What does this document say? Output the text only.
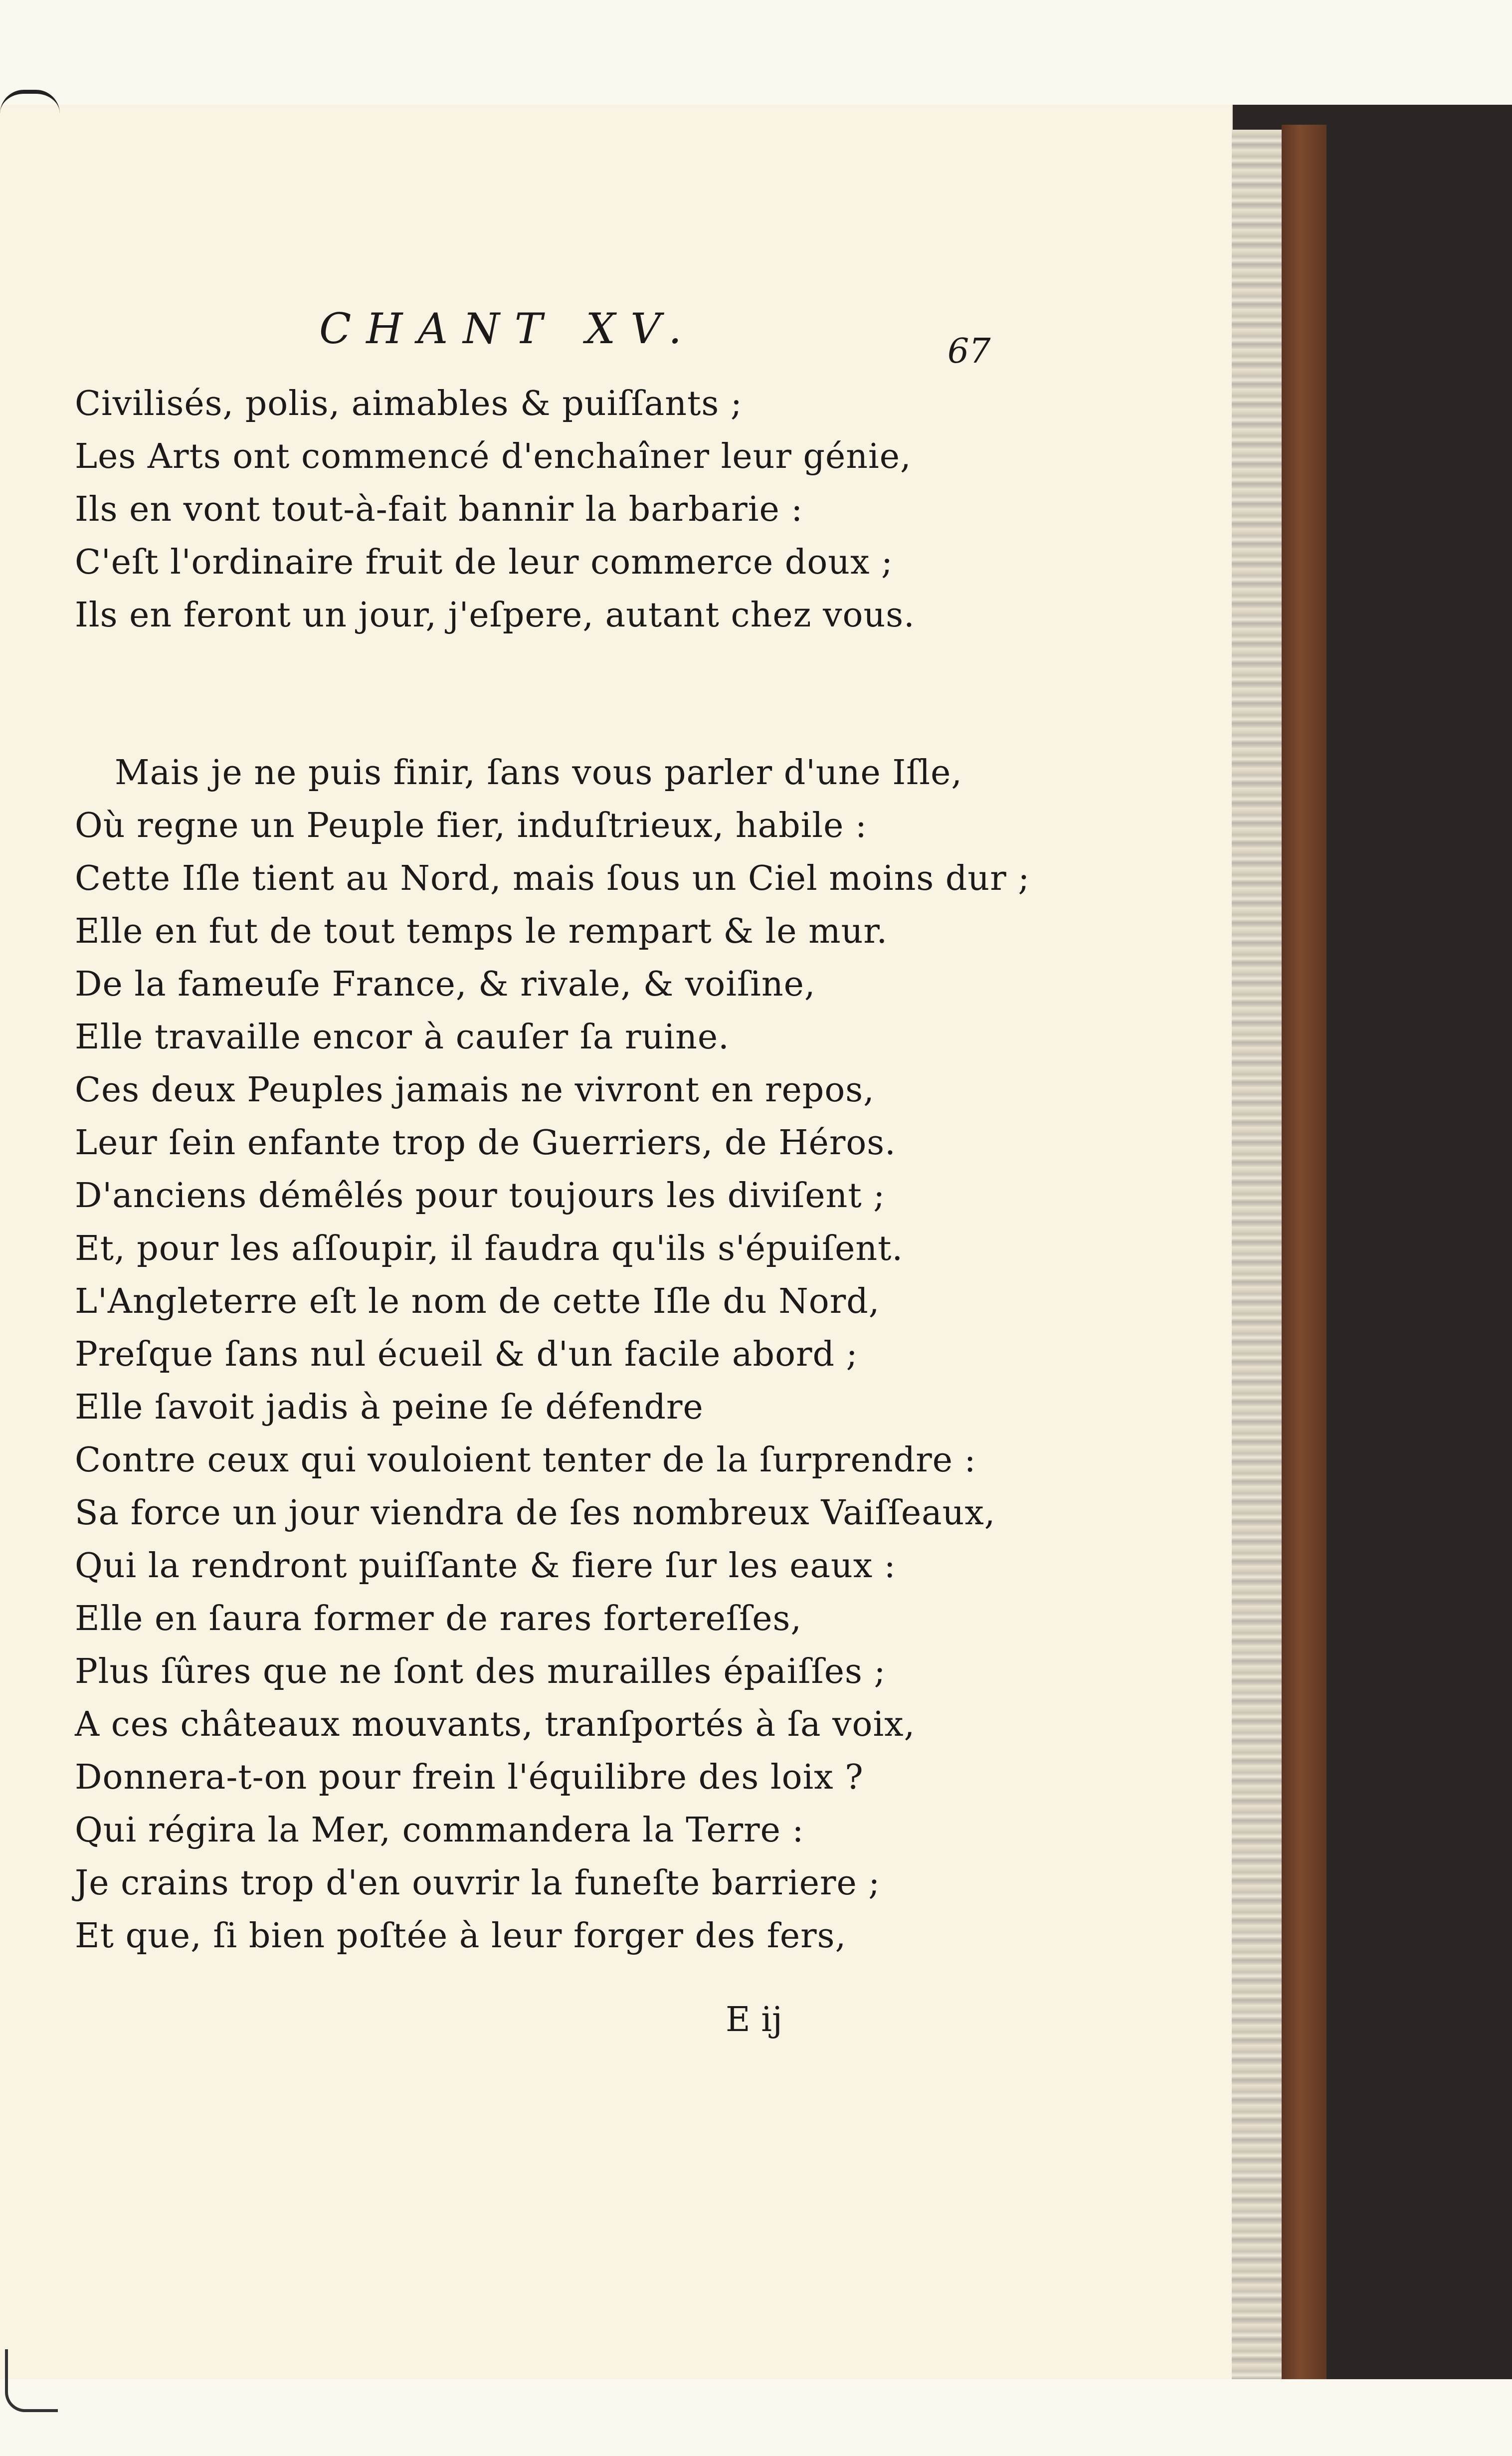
CHANT XV.	67
Civilisés, polis, aimables & puiſſants ;
Les Arts ont commencé d'enchaîner leur génie,
Ils en vont tout-à-fait bannir la barbarie :
C'eſt l'ordinaire fruit de leur commerce doux ;
Ils en feront un jour, j'eſpere, autant chez vous.
Mais je ne puis finir, ſans vous parler d'une Iſle,
Où regne un Peuple fier, induſtrieux, habile :
Cette Iſle tient au Nord, mais ſous un Ciel moins dur ;
Elle en fut de tout temps le rempart & le mur.
De la fameuſe France, & rivale, & voiſine,
Elle travaille encor à cauſer ſa ruine.
Ces deux Peuples jamais ne vivront en repos,
Leur ſein enfante trop de Guerriers, de Héros.
D'anciens démêlés pour toujours les diviſent ;
Et, pour les aſſoupir, il faudra qu'ils s'épuiſent.
L'Angleterre eſt le nom de cette Iſle du Nord,
Preſque ſans nul écueil & d'un facile abord ;
Elle ſavoit jadis à peine ſe défendre
Contre ceux qui vouloient tenter de la ſurprendre :
Sa force un jour viendra de ſes nombreux Vaiſſeaux,
Qui la rendront puiſſante & fiere ſur les eaux :
Elle en ſaura former de rares fortereſſes,
Plus ſûres que ne ſont des murailles épaiſſes ;
A ces châteaux mouvants, tranſportés à ſa voix,
Donnera-t-on pour frein l'équilibre des loix ?
Qui régira la Mer, commandera la Terre :
Je crains trop d'en ouvrir la funeſte barriere ;
Et que, ſi bien poſtée à leur forger des fers,
E ij
